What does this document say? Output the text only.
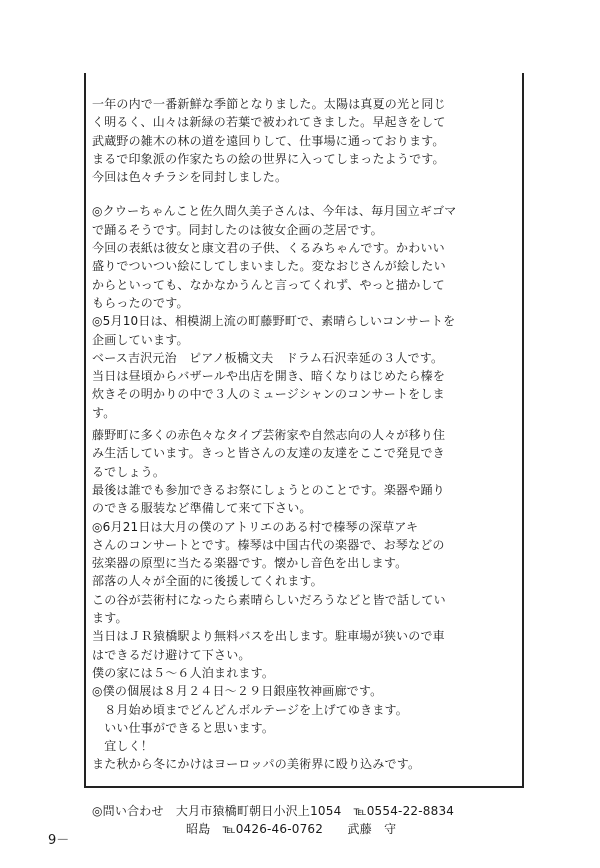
一年の内で一番新鮮な季節となりました。太陽は真夏の光と同じ
く明るく、山々は新緑の若葉で被われてきました。早起きをして
武蔵野の雑木の林の道を遠回りして、仕事場に通っております。
まるで印象派の作家たちの絵の世界に入ってしまったようです。
今回は色々チラシを同封しました。
◎クウーちゃんこと佐久間久美子さんは、今年は、毎月国立ギゴマ
で踊るそうです。同封したのは彼女企画の芝居です。
今回の表紙は彼女と康文君の子供、くるみちゃんです。かわいい
盛りでついつい絵にしてしまいました。変なおじさんが絵したい
からといっても、なかなかうんと言ってくれず、やっと描かして
もらったのです。
◎5月10日は、相模湖上流の町藤野町で、素晴らしいコンサートを
企画しています。
ベース吉沢元治　ピアノ板橋文夫　ドラム石沢幸延の３人です。
当日は昼頃からバザールや出店を開き、暗くなりはじめたら榛を
炊きその明かりの中で３人のミュージシャンのコンサートをしま
す。
藤野町に多くの赤色々なタイプ芸術家や自然志向の人々が移り住
み生活しています。きっと皆さんの友達の友達をここで発見でき
るでしょう。
最後は誰でも参加できるお祭にしょうとのことです。楽器や踊り
のできる服装など準備して来て下さい。
◎6月21日は大月の僕のアトリエのある村で榛琴の深草アキ
さんのコンサートとです。榛琴は中国古代の楽器で、お琴などの
弦楽器の原型に当たる楽器です。懐かし音色を出します。
部落の人々が全面的に後援してくれます。
この谷が芸術村になったら素晴らしいだろうなどと皆で話してい
ます。
当日はＪＲ猿橋駅より無料バスを出します。駐車場が狭いので車
はできるだけ避けて下さい。
僕の家には５～６人泊まれます。
◎僕の個展は８月２４日～２９日銀座牧神画廊です。
　８月始め頃までどんどんボルテージを上げてゆきます。
　いい仕事ができると思います。
　宜しく！
また秋から冬にかけはヨーロッパの美術界に殴り込みです。
◎問い合わせ　大月市猿橋町朝日小沢上1054　℡0554-22-8834
昭島　℡0426-46-0762　　武藤　守
9－
